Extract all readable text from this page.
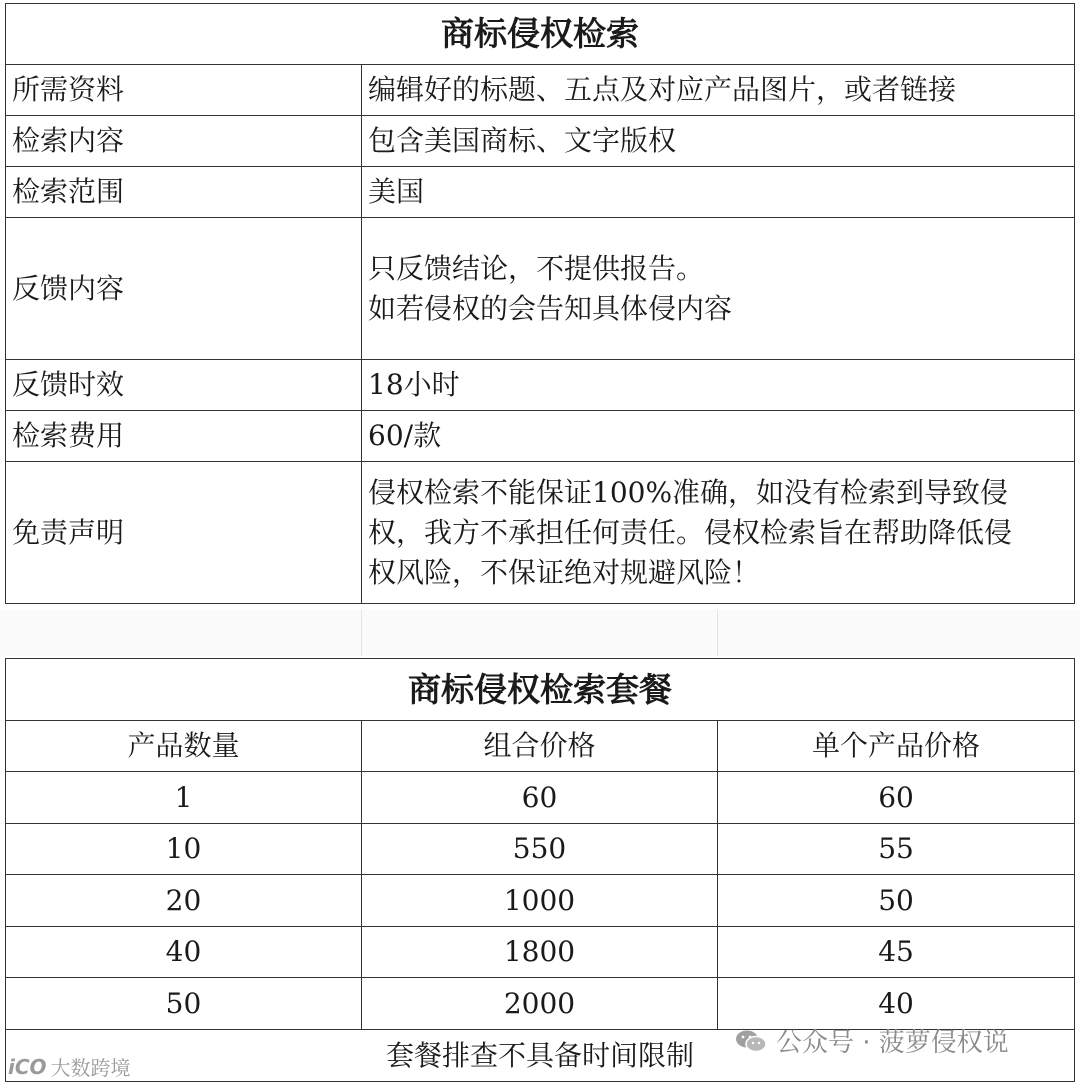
商标侵权检索	
所需资料	编辑好的标题、五点及对应产品图片，或者链接
检索内容	包含美国商标、文字版权
检索范围	美国
反馈内容	只反馈结论，不提供报告。
如若侵权的会告知具体侵内容

反馈时效	18小时
检索费用	60/款
免责声明	侵权检索不能保证100%准确，如没有检索到导致侵
权，我方不承担任何责任。侵权检索旨在帮助降低侵
权风险，不保证绝对规避风险！
商标侵权检索套餐		
产品数量	组合价格	单个产品价格
1	60	60
10	550	55
20	1000	50
40	1800	45
50	2000	40
套餐排查不具备时间限制			公众号 · 菠萝侵权说
iCO 大数跨境
